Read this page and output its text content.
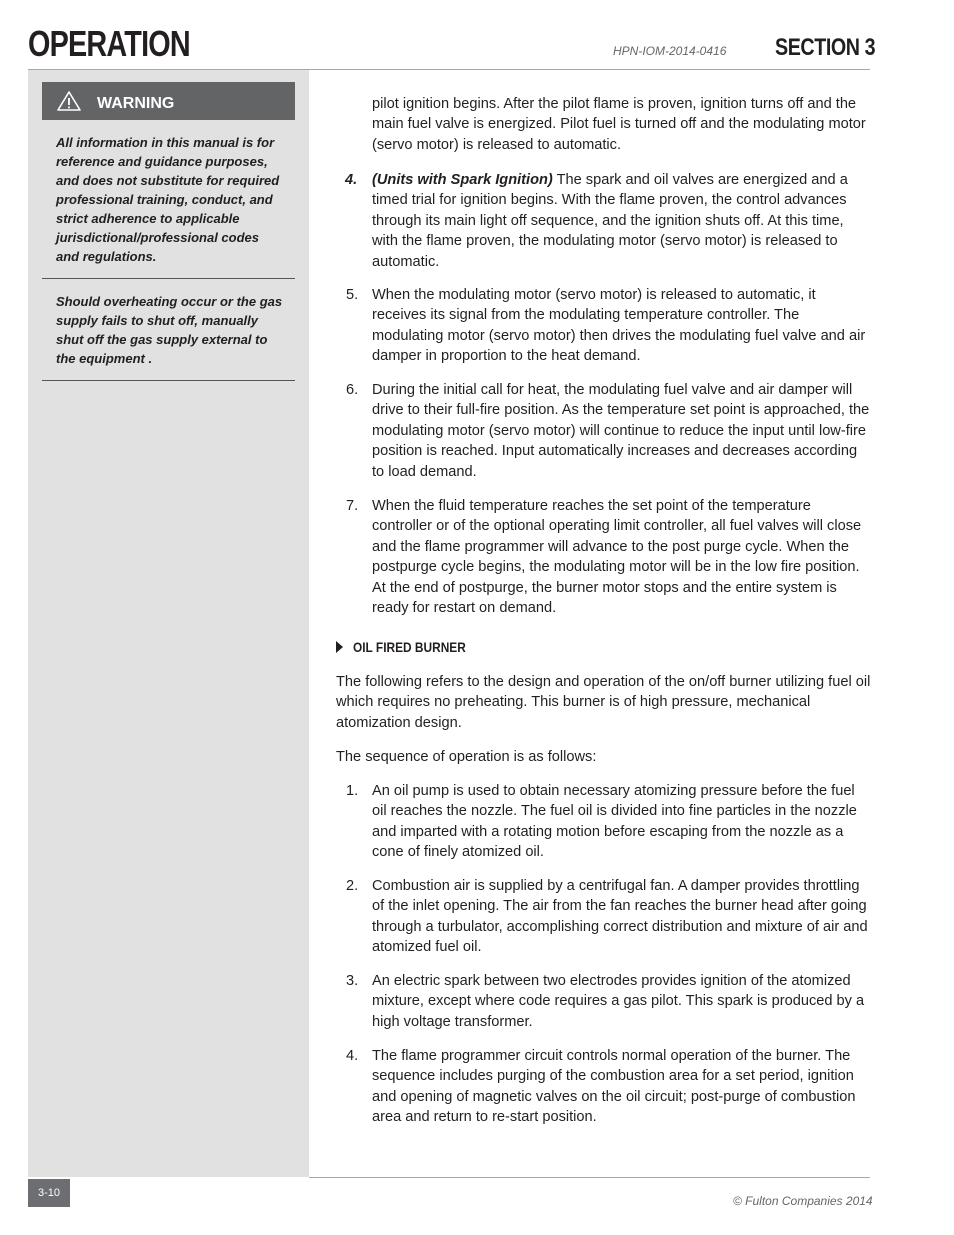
OPERATION	HPN-IOM-2014-0416 SECTION 3
WARNING

All information in this manual is for reference and guidance purposes, and does not substitute for required professional training, conduct, and strict adherence to applicable jurisdictional/professional codes and regulations.

Should overheating occur or the gas supply fails to shut off, manually shut off the gas supply external to the equipment .

pilot ignition begins. After the pilot flame is proven, ignition turns off and the main fuel valve is energized. Pilot fuel is turned off and the modulating motor (servo motor) is released to automatic.

4. (Units with Spark Ignition) The spark and oil valves are energized and a timed trial for ignition begins. With the flame proven, the control advances through its main light off sequence, and the ignition shuts off. At this time, with the flame proven, the modulating motor (servo motor) is released to automatic.

5. When the modulating motor (servo motor) is released to automatic, it receives its signal from the modulating temperature controller. The modulating motor (servo motor) then drives the modulating fuel valve and air damper in proportion to the heat demand.

6. During the initial call for heat, the modulating fuel valve and air damper will drive to their full-fire position. As the temperature set point is approached, the modulating motor (servo motor) will continue to reduce the input until low-fire position is reached. Input automatically increases and decreases according to load demand.

7. When the fluid temperature reaches the set point of the temperature controller or of the optional operating limit controller, all fuel valves will close and the flame programmer will advance to the post purge cycle. When the postpurge cycle begins, the modulating motor will be in the low fire position. At the end of postpurge, the burner motor stops and the entire system is ready for restart on demand.

OIL FIRED BURNER

The following refers to the design and operation of the on/off burner utilizing fuel oil which requires no preheating. This burner is of high pressure, mechanical atomization design.

The sequence of operation is as follows:

1. An oil pump is used to obtain necessary atomizing pressure before the fuel oil reaches the nozzle. The fuel oil is divided into fine particles in the nozzle and imparted with a rotating motion before escaping from the nozzle as a cone of finely atomized oil.

2. Combustion air is supplied by a centrifugal fan. A damper provides throttling of the inlet opening. The air from the fan reaches the burner head after going through a turbulator, accomplishing correct distribution and mixture of air and atomized fuel oil.

3. An electric spark between two electrodes provides ignition of the atomized mixture, except where code requires a gas pilot. This spark is produced by a high voltage transformer.

4. The flame programmer circuit controls normal operation of the burner. The sequence includes purging of the combustion area for a set period, ignition and opening of magnetic valves on the oil circuit; post-purge of combustion area and return to re-start position.

3-10
© Fulton Companies 2014
